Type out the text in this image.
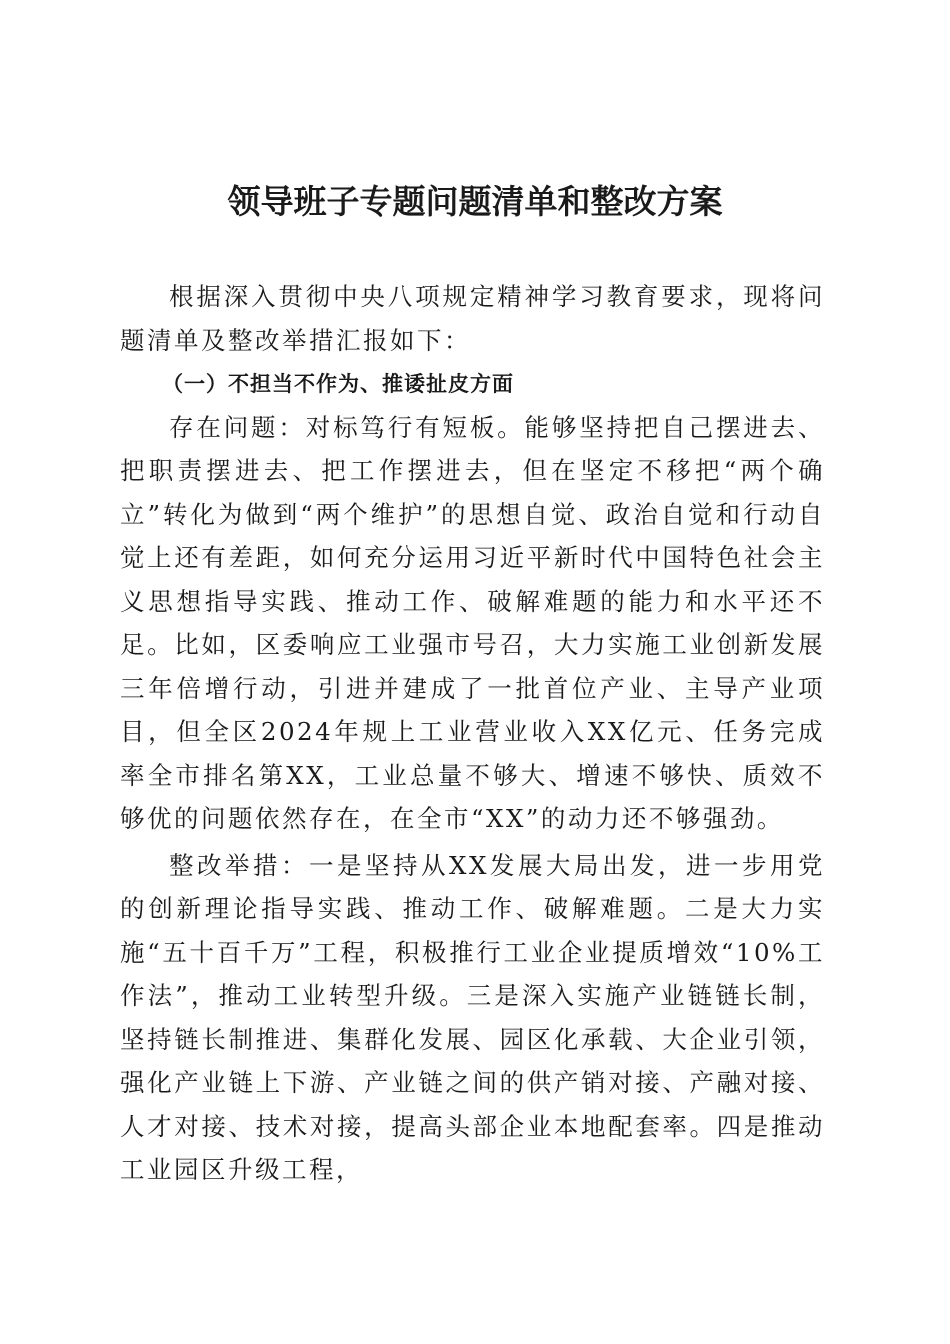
领导班子专题问题清单和整改方案

根据深入贯彻中央八项规定精神学习教育要求，现将问题清单及整改举措汇报如下：

（一）不担当不作为、推诿扯皮方面

存在问题：对标笃行有短板。能够坚持把自己摆进去、把职责摆进去、把工作摆进去，但在坚定不移把“两个确立”转化为做到“两个维护”的思想自觉、政治自觉和行动自觉上还有差距，如何充分运用习近平新时代中国特色社会主义思想指导实践、推动工作、破解难题的能力和水平还不足。比如，区委响应工业强市号召，大力实施工业创新发展三年倍增行动，引进并建成了一批首位产业、主导产业项目，但全区2024年规上工业营业收入XX亿元、任务完成率全市排名第XX，工业总量不够大、增速不够快、质效不够优的问题依然存在，在全市“XX”的动力还不够强劲。

整改举措：一是坚持从XX发展大局出发，进一步用党的创新理论指导实践、推动工作、破解难题。二是大力实施“五十百千万”工程，积极推行工业企业提质增效“10%工作法”，推动工业转型升级。三是深入实施产业链链长制，坚持链长制推进、集群化发展、园区化承载、大企业引领，强化产业链上下游、产业链之间的供产销对接、产融对接、人才对接、技术对接，提高头部企业本地配套率。四是推动工业园区升级工程，
